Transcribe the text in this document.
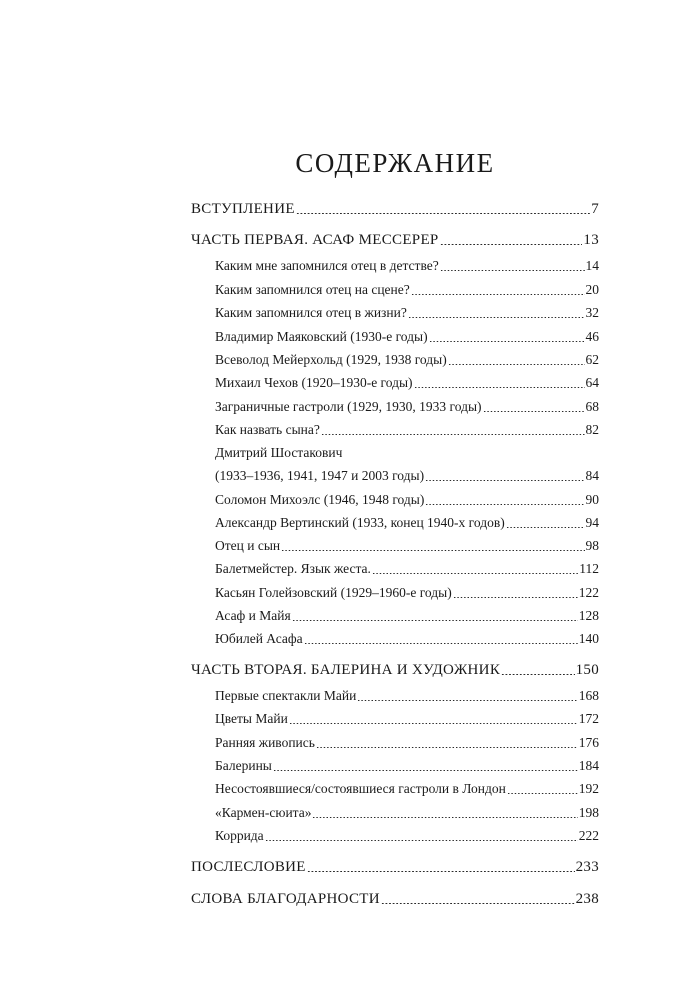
СОДЕРЖАНИЕ
ВСТУПЛЕНИЕ	7
ЧАСТЬ ПЕРВАЯ. АСАФ МЕССЕРЕР	13
Каким мне запомнился отец в детстве?	14
Каким запомнился отец на сцене?	20
Каким запомнился отец в жизни?	32
Владимир Маяковский (1930-е годы)	46
Всеволод Мейерхольд (1929, 1938 годы)	62
Михаил Чехов (1920–1930-е годы)	64
Заграничные гастроли (1929, 1930, 1933 годы)	68
Как назвать сына?	82
Дмитрий Шостакович
(1933–1936, 1941, 1947 и 2003 годы)	84
Соломон Михоэлс (1946, 1948 годы)	90
Александр Вертинский (1933, конец 1940-х годов)	94
Отец и сын	98
Балетмейстер. Язык жеста.	112
Касьян Голейзовский (1929–1960-е годы)	122
Асаф и Майя	128
Юбилей Асафа	140
ЧАСТЬ ВТОРАЯ. БАЛЕРИНА И ХУДОЖНИК	150
Первые спектакли Майи	168
Цветы Майи	172
Ранняя живопись	176
Балерины	184
Несостоявшиеся/состоявшиеся гастроли в Лондон	192
«Кармен-сюита»	198
Коррида	222
ПОСЛЕСЛОВИЕ	233
СЛОВА БЛАГОДАРНОСТИ	238
